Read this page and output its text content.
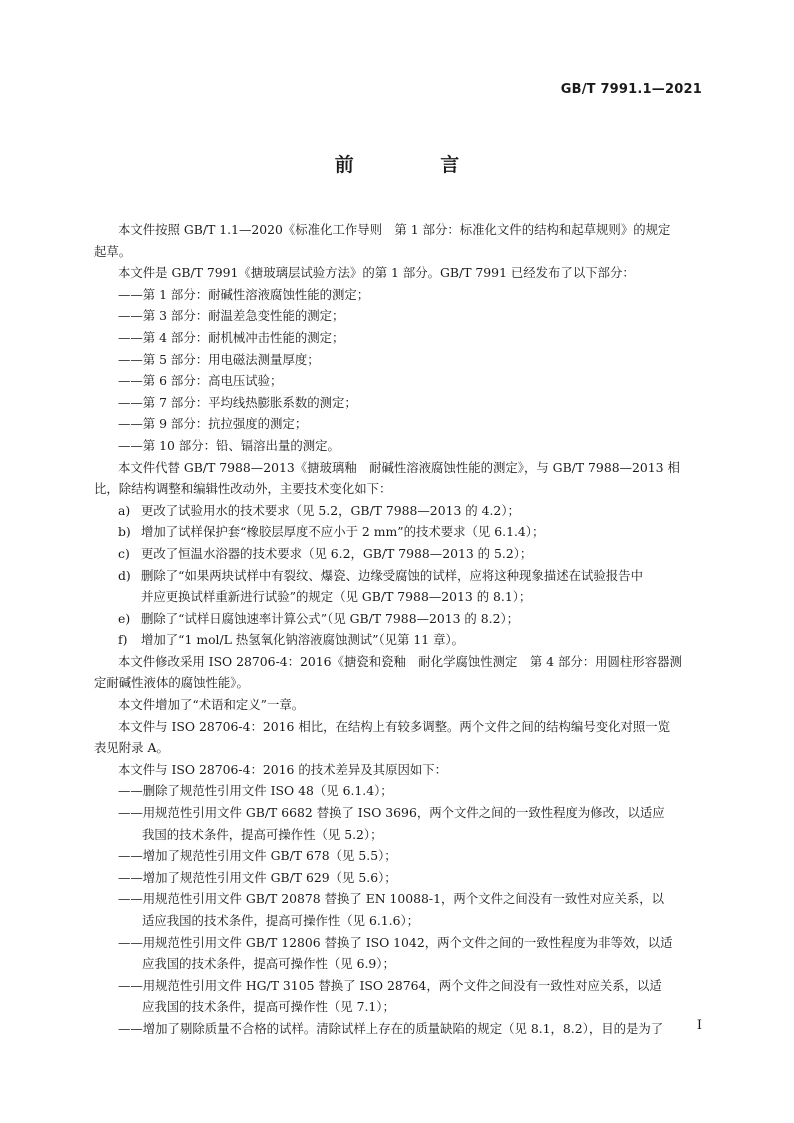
GB/T 7991.1—2021
前 言

本文件按照 GB/T 1.1—2020《标准化工作导则　第 1 部分：标准化文件的结构和起草规则》的规定

起草。

本文件是 GB/T 7991《搪玻璃层试验方法》的第 1 部分。GB/T 7991 已经发布了以下部分：

——第 1 部分：耐碱性溶液腐蚀性能的测定；

——第 3 部分：耐温差急变性能的测定；

——第 4 部分：耐机械冲击性能的测定；

——第 5 部分：用电磁法测量厚度；

——第 6 部分：高电压试验；

——第 7 部分：平均线热膨胀系数的测定；

——第 9 部分：抗拉强度的测定；

——第 10 部分：铅、镉溶出量的测定。

本文件代替 GB/T 7988—2013《搪玻璃釉　耐碱性溶液腐蚀性能的测定》，与 GB/T 7988—2013 相

比，除结构调整和编辑性改动外，主要技术变化如下：

a) 更改了试验用水的技术要求（见 5.2，GB/T 7988—2013 的 4.2）；

b) 增加了试样保护套“橡胶层厚度不应小于 2 mm”的技术要求（见 6.1.4）；

c) 更改了恒温水浴器的技术要求（见 6.2，GB/T 7988—2013 的 5.2）；

d) 删除了“如果两块试样中有裂纹、爆瓷、边缘受腐蚀的试样，应将这种现象描述在试验报告中

并应更换试样重新进行试验”的规定（见 GB/T 7988—2013 的 8.1）；

e) 删除了“试样日腐蚀速率计算公式”（见 GB/T 7988—2013 的 8.2）；

f) 增加了“1 mol/L 热氢氧化钠溶液腐蚀测试”（见第 11 章）。

本文件修改采用 ISO 28706-4：2016《搪瓷和瓷釉　耐化学腐蚀性测定　第 4 部分：用圆柱形容器测

定耐碱性液体的腐蚀性能》。

本文件增加了“术语和定义”一章。

本文件与 ISO 28706-4：2016 相比，在结构上有较多调整。两个文件之间的结构编号变化对照一览

表见附录 A。

本文件与 ISO 28706-4：2016 的技术差异及其原因如下：

——删除了规范性引用文件 ISO 48（见 6.1.4）；

——用规范性引用文件 GB/T 6682 替换了 ISO 3696，两个文件之间的一致性程度为修改，以适应

我国的技术条件，提高可操作性（见 5.2）；

——增加了规范性引用文件 GB/T 678（见 5.5）；

——增加了规范性引用文件 GB/T 629（见 5.6）；

——用规范性引用文件 GB/T 20878 替换了 EN 10088-1，两个文件之间没有一致性对应关系，以

适应我国的技术条件，提高可操作性（见 6.1.6）；

——用规范性引用文件 GB/T 12806 替换了 ISO 1042，两个文件之间的一致性程度为非等效，以适

应我国的技术条件，提高可操作性（见 6.9）；

——用规范性引用文件 HG/T 3105 替换了 ISO 28764，两个文件之间没有一致性对应关系，以适

应我国的技术条件，提高可操作性（见 7.1）；

——增加了剔除质量不合格的试样。清除试样上存在的质量缺陷的规定（见 8.1，8.2），目的是为了	I
